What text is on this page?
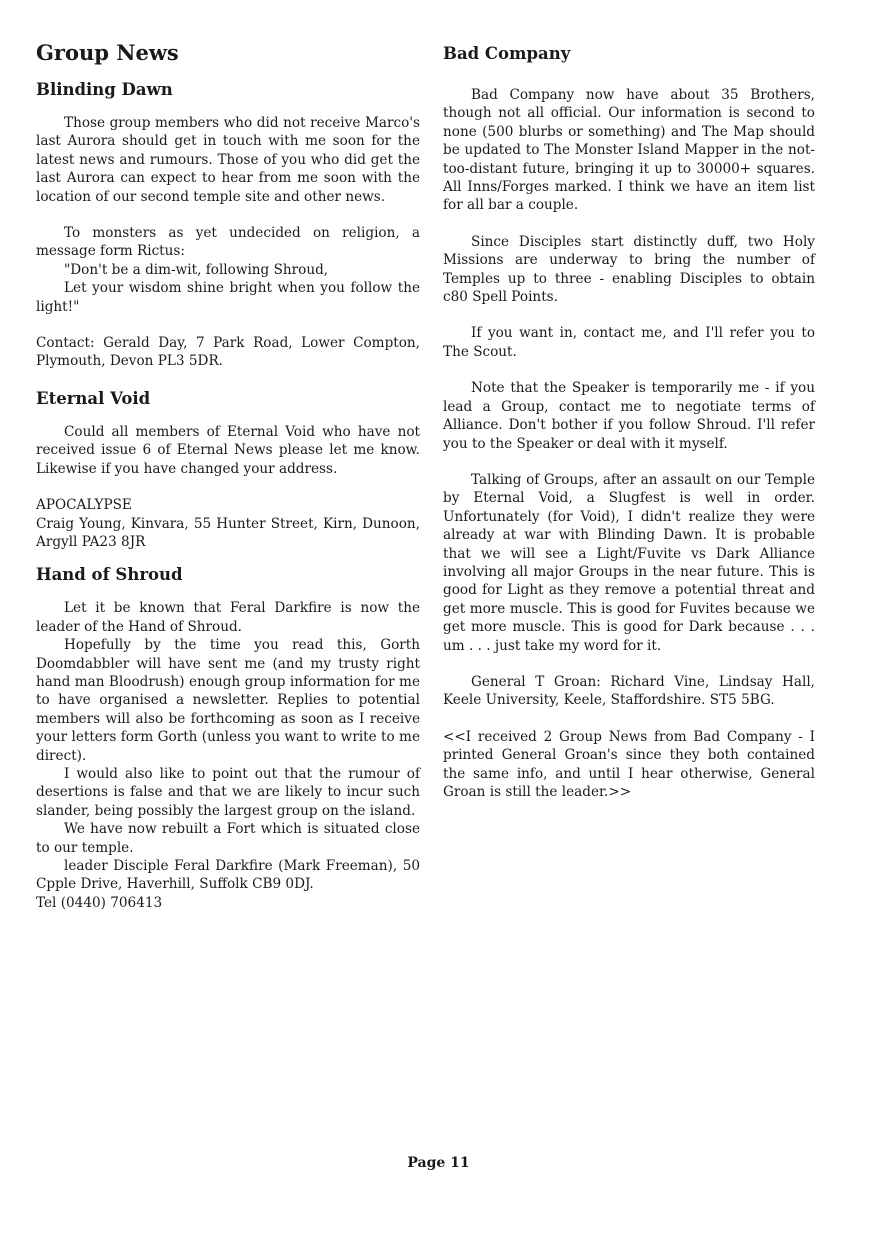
Group News
Blinding Dawn

Those group members who did not receive Marco's last Aurora should get in touch with me soon for the latest news and rumours. Those of you who did get the last Aurora can expect to hear from me soon with the location of our second temple site and other news.

To monsters as yet undecided on religion, a message form Rictus:

"Don't be a dim-wit, following Shroud,

Let your wisdom shine bright when you follow the light!"

Contact: Gerald Day, 7 Park Road, Lower Compton, Plymouth, Devon PL3 5DR.

Eternal Void

Could all members of Eternal Void who have not received issue 6 of Eternal News please let me know. Likewise if you have changed your address.

APOCALYPSE

Craig Young, Kinvara, 55 Hunter Street, Kirn, Dunoon, Argyll PA23 8JR

Hand of Shroud

Let it be known that Feral Darkfire is now the leader of the Hand of Shroud.

Hopefully by the time you read this, Gorth Doomdabbler will have sent me (and my trusty right hand man Bloodrush) enough group information for me to have organised a newsletter. Replies to potential members will also be forthcoming as soon as I receive your letters form Gorth (unless you want to write to me direct).

I would also like to point out that the rumour of desertions is false and that we are likely to incur such slander, being possibly the largest group on the island.

We have now rebuilt a Fort which is situated close to our temple.

leader Disciple Feral Darkfire (Mark Freeman), 50 Cpple Drive, Haverhill, Suffolk CB9 0DJ.

Tel (0440) 706413

Bad Company

Bad Company now have about 35 Brothers, though not all official. Our information is second to none (500 blurbs or something) and The Map should be updated to The Monster Island Mapper in the not-too-distant future, bringing it up to 30000+ squares. All Inns/Forges marked. I think we have an item list for all bar a couple.

Since Disciples start distinctly duff, two Holy Missions are underway to bring the number of Temples up to three - enabling Disciples to obtain c80 Spell Points.

If you want in, contact me, and I'll refer you to The Scout.

Note that the Speaker is temporarily me - if you lead a Group, contact me to negotiate terms of Alliance. Don't bother if you follow Shroud. I'll refer you to the Speaker or deal with it myself.

Talking of Groups, after an assault on our Temple by Eternal Void, a Slugfest is well in order. Unfortunately (for Void), I didn't realize they were already at war with Blinding Dawn. It is probable that we will see a Light/Fuvite vs Dark Alliance involving all major Groups in the near future. This is good for Light as they remove a potential threat and get more muscle. This is good for Fuvites because we get more muscle. This is good for Dark because . . . um . . . just take my word for it.

General T Groan: Richard Vine, Lindsay Hall, Keele University, Keele, Staffordshire. ST5 5BG.

<<I received 2 Group News from Bad Company - I printed General Groan's since they both contained the same info, and until I hear otherwise, General Groan is still the leader.>>

Page 11
